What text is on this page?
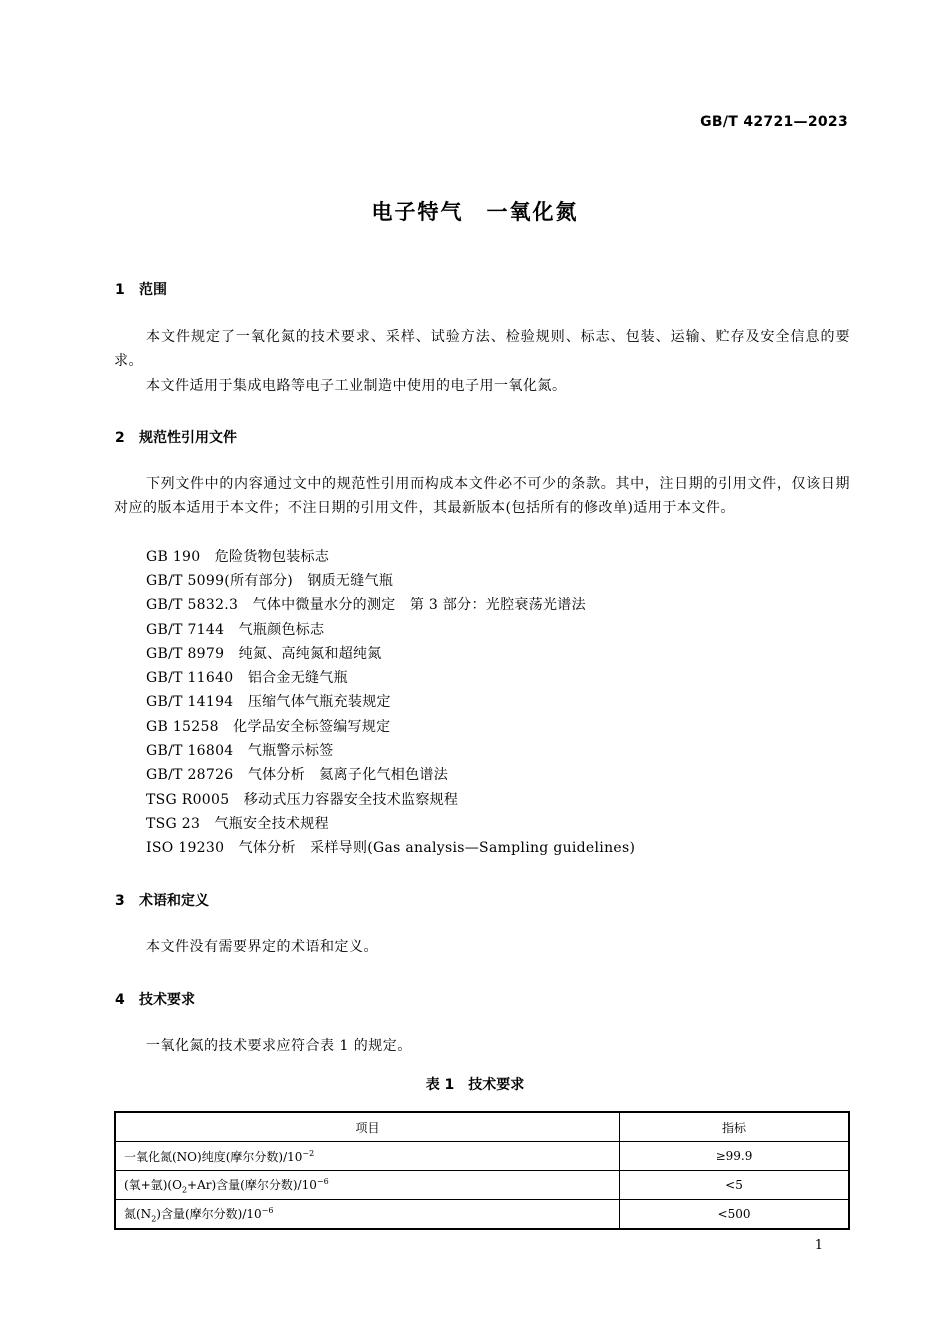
GB/T 42721—2023
电子特气　一氧化氮
1 范围
本文件规定了一氧化氮的技术要求、采样、试验方法、检验规则、标志、包装、运输、贮存及安全信息的要求。
本文件适用于集成电路等电子工业制造中使用的电子用一氧化氮。
2 规范性引用文件
下列文件中的内容通过文中的规范性引用而构成本文件必不可少的条款。其中，注日期的引用文件，仅该日期对应的版本适用于本文件；不注日期的引用文件，其最新版本(包括所有的修改单)适用于本文件。
GB 190　危险货物包装标志
GB/T 5099(所有部分)　钢质无缝气瓶
GB/T 5832.3　气体中微量水分的测定　第 3 部分：光腔衰荡光谱法
GB/T 7144　气瓶颜色标志
GB/T 8979　纯氮、高纯氮和超纯氮
GB/T 11640　铝合金无缝气瓶
GB/T 14194　压缩气体气瓶充装规定
GB 15258　化学品安全标签编写规定
GB/T 16804　气瓶警示标签
GB/T 28726　气体分析　氦离子化气相色谱法
TSG R0005　移动式压力容器安全技术监察规程
TSG 23　气瓶安全技术规程
ISO 19230　气体分析　采样导则(Gas analysis—Sampling guidelines)
3 术语和定义
本文件没有需要界定的术语和定义。
4 技术要求
一氧化氮的技术要求应符合表 1 的规定。
表 1　技术要求
项目	指标
一氧化氮(NO)纯度(摩尔分数)$/10^{-2}$	≥99.9
(氧+氩)$(O_2+Ar)$含量(摩尔分数)$/10^{-6}$	<5
氮$(N_2)$含量(摩尔分数)$/10^{-6}$	<500
1
